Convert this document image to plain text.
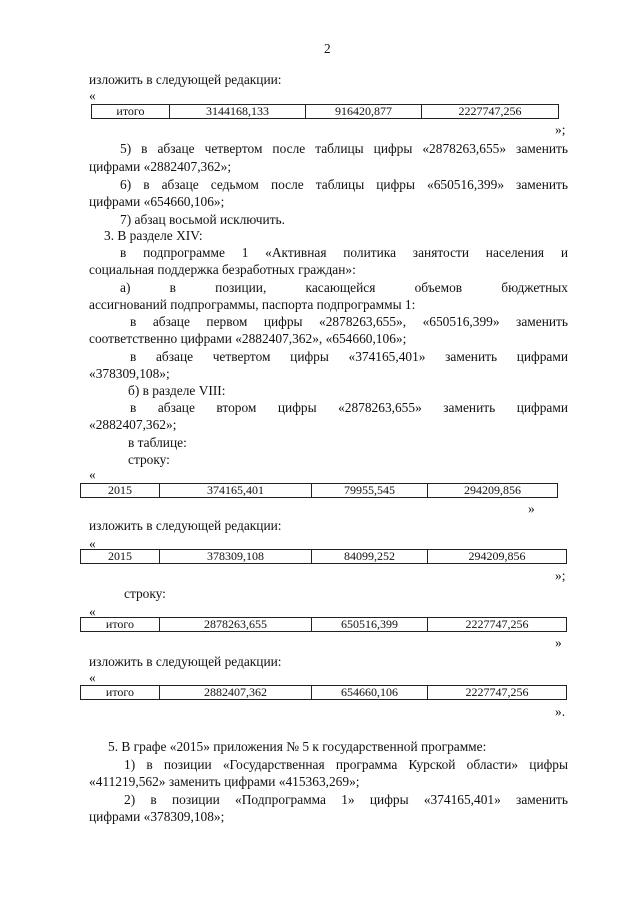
2
изложить в следующей редакции:
«
итого	3144168,133	916420,877	2227747,256
»;
5) в абзаце четвертом после таблицы цифры «2878263,655» заменить
цифрами «2882407,362»;
6) в абзаце седьмом после таблицы цифры «650516,399» заменить
цифрами «654660,106»;
7) абзац восьмой исключить.
3. В разделе XIV:
в подпрограмме 1 «Активная политика занятости населения и
социальная поддержка безработных граждан»:
а) в позиции, касающейся объемов бюджетных
ассигнований подпрограммы, паспорта подпрограммы 1:
в абзаце первом цифры «2878263,655», «650516,399» заменить
соответственно цифрами «2882407,362», «654660,106»;
в абзаце четвертом цифры «374165,401» заменить цифрами
«378309,108»;
б) в разделе VIII:
в абзаце втором цифры «2878263,655» заменить цифрами
«2882407,362»;
в таблице:
строку:
«
2015	374165,401	79955,545	294209,856
»
изложить в следующей редакции:
«
2015	378309,108	84099,252	294209,856
»;
строку:
«
итого	2878263,655	650516,399	2227747,256
»
изложить в следующей редакции:
«
итого	2882407,362	654660,106	2227747,256
».
5. В графе «2015» приложения № 5 к государственной программе:
1) в позиции «Государственная программа Курской области» цифры
«411219,562» заменить цифрами «415363,269»;
2) в позиции «Подпрограмма 1» цифры «374165,401» заменить
цифрами «378309,108»;
